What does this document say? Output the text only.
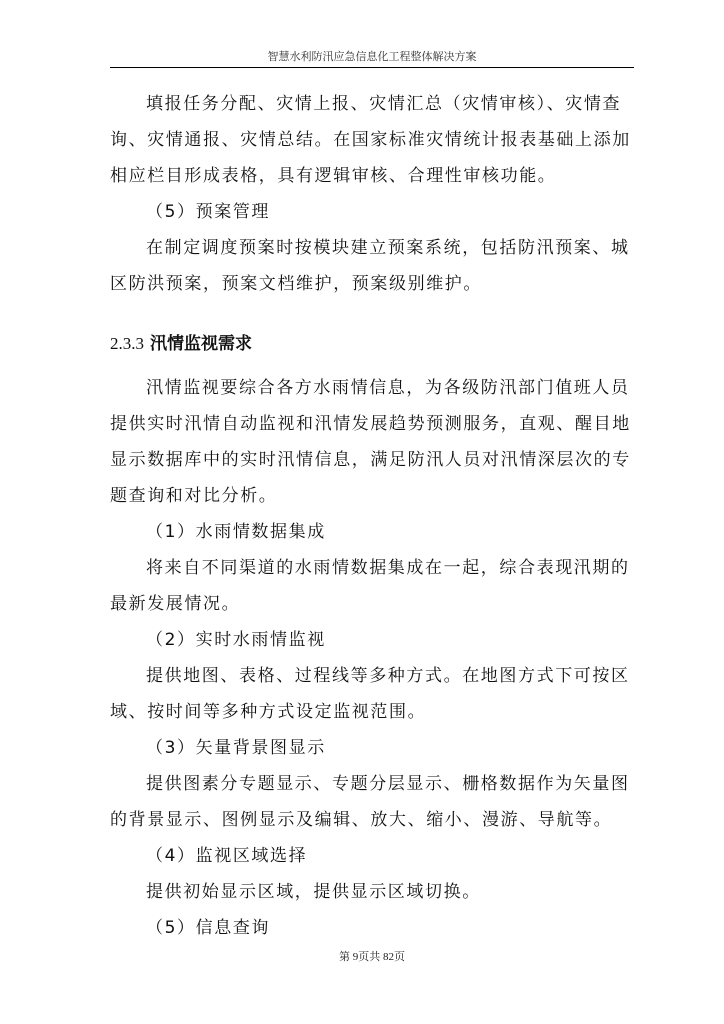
智慧水利防汛应急信息化工程整体解决方案

填报任务分配、灾情上报、灾情汇总（灾情审核）、灾情查询、灾情通报、灾情总结。在国家标准灾情统计报表基础上添加相应栏目形成表格，具有逻辑审核、合理性审核功能。

（5）预案管理

在制定调度预案时按模块建立预案系统，包括防汛预案、城区防洪预案，预案文档维护，预案级别维护。

2.3.3 汛情监视需求

汛情监视要综合各方水雨情信息，为各级防汛部门值班人员提供实时汛情自动监视和汛情发展趋势预测服务，直观、醒目地显示数据库中的实时汛情信息，满足防汛人员对汛情深层次的专题查询和对比分析。

（1）水雨情数据集成

将来自不同渠道的水雨情数据集成在一起，综合表现汛期的最新发展情况。

（2）实时水雨情监视

提供地图、表格、过程线等多种方式。在地图方式下可按区域、按时间等多种方式设定监视范围。

（3）矢量背景图显示

提供图素分专题显示、专题分层显示、栅格数据作为矢量图的背景显示、图例显示及编辑、放大、缩小、漫游、导航等。

（4）监视区域选择

提供初始显示区域，提供显示区域切换。

（5）信息查询

第 9页共 82页
